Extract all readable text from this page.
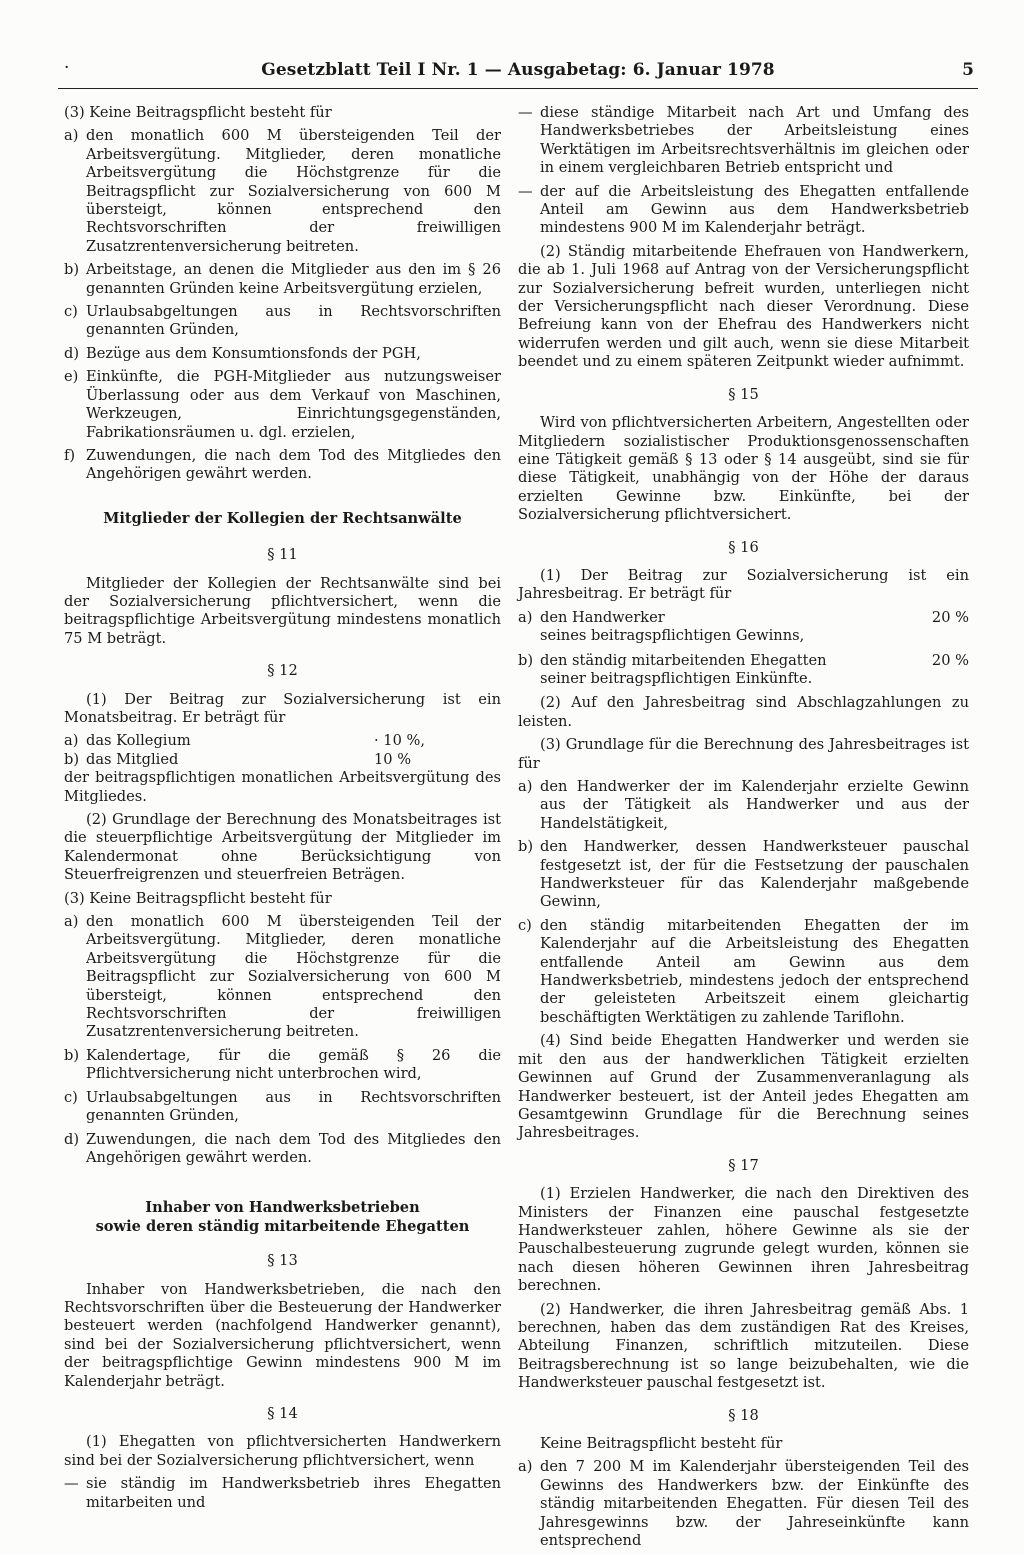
·	Gesetzblatt Teil I Nr. 1 — Ausgabetag: 6. Januar 1978	5
(3) Keine Beitragspflicht besteht für
a) den monatlich 600 M übersteigenden Teil der Arbeitsvergütung. Mitglieder, deren monatliche Arbeitsvergütung die Höchstgrenze für die Beitragspflicht zur Sozialversicherung von 600 M übersteigt, können entsprechend den Rechtsvorschriften der freiwilligen Zusatzrentenversicherung beitreten.
b) Arbeitstage, an denen die Mitglieder aus den im § 26 genannten Gründen keine Arbeitsvergütung erzielen,
c) Urlaubsabgeltungen aus in Rechtsvorschriften genannten Gründen,
d) Bezüge aus dem Konsumtionsfonds der PGH,
e) Einkünfte, die PGH-Mitglieder aus nutzungsweiser Überlassung oder aus dem Verkauf von Maschinen, Werkzeugen, Einrichtungsgegenständen, Fabrikationsräumen u. dgl. erzielen,
f) Zuwendungen, die nach dem Tod des Mitgliedes den Angehörigen gewährt werden.
Mitglieder der Kollegien der Rechtsanwälte
§ 11
Mitglieder der Kollegien der Rechtsanwälte sind bei der Sozialversicherung pflichtversichert, wenn die beitragspflichtige Arbeitsvergütung mindestens monatlich 75 M beträgt.
§ 12
(1) Der Beitrag zur Sozialversicherung ist ein Monatsbeitrag. Er beträgt für
a) das Kollegium	· 10 %,
b) das Mitglied	10 %
der beitragspflichtigen monatlichen Arbeitsvergütung des Mitgliedes.
(2) Grundlage der Berechnung des Monatsbeitrages ist die steuerpflichtige Arbeitsvergütung der Mitglieder im Kalendermonat ohne Berücksichtigung von Steuerfreigrenzen und steuerfreien Beträgen.
(3) Keine Beitragspflicht besteht für
a) den monatlich 600 M übersteigenden Teil der Arbeitsvergütung. Mitglieder, deren monatliche Arbeitsvergütung die Höchstgrenze für die Beitragspflicht zur Sozialversicherung von 600 M übersteigt, können entsprechend den Rechtsvorschriften der freiwilligen Zusatzrentenversicherung beitreten.
b) Kalendertage, für die gemäß § 26 die Pflichtversicherung nicht unterbrochen wird,
c) Urlaubsabgeltungen aus in Rechtsvorschriften genannten Gründen,
d) Zuwendungen, die nach dem Tod des Mitgliedes den Angehörigen gewährt werden.
Inhaber von Handwerksbetrieben
sowie deren ständig mitarbeitende Ehegatten
§ 13
Inhaber von Handwerksbetrieben, die nach den Rechtsvorschriften über die Besteuerung der Handwerker besteuert werden (nachfolgend Handwerker genannt), sind bei der Sozialversicherung pflichtversichert, wenn der beitragspflichtige Gewinn mindestens 900 M im Kalenderjahr beträgt.
§ 14
(1) Ehegatten von pflichtversicherten Handwerkern sind bei der Sozialversicherung pflichtversichert, wenn
— sie ständig im Handwerksbetrieb ihres Ehegatten mitarbeiten und
— diese ständige Mitarbeit nach Art und Umfang des Handwerksbetriebes der Arbeitsleistung eines Werktätigen im Arbeitsrechtsverhältnis im gleichen oder in einem vergleichbaren Betrieb entspricht und
— der auf die Arbeitsleistung des Ehegatten entfallende Anteil am Gewinn aus dem Handwerksbetrieb mindestens 900 M im Kalenderjahr beträgt.
(2) Ständig mitarbeitende Ehefrauen von Handwerkern, die ab 1. Juli 1968 auf Antrag von der Versicherungspflicht zur Sozialversicherung befreit wurden, unterliegen nicht der Versicherungspflicht nach dieser Verordnung. Diese Befreiung kann von der Ehefrau des Handwerkers nicht widerrufen werden und gilt auch, wenn sie diese Mitarbeit beendet und zu einem späteren Zeitpunkt wieder aufnimmt.
§ 15
Wird von pflichtversicherten Arbeitern, Angestellten oder Mitgliedern sozialistischer Produktionsgenossenschaften eine Tätigkeit gemäß § 13 oder § 14 ausgeübt, sind sie für diese Tätigkeit, unabhängig von der Höhe der daraus erzielten Gewinne bzw. Einkünfte, bei der Sozialversicherung pflichtversichert.
§ 16
(1) Der Beitrag zur Sozialversicherung ist ein Jahresbeitrag. Er beträgt für
a) den Handwerker	20 %
seines beitragspflichtigen Gewinns,
b) den ständig mitarbeitenden Ehegatten	20 %
seiner beitragspflichtigen Einkünfte.
(2) Auf den Jahresbeitrag sind Abschlagzahlungen zu leisten.
(3) Grundlage für die Berechnung des Jahresbeitrages ist für
a) den Handwerker der im Kalenderjahr erzielte Gewinn aus der Tätigkeit als Handwerker und aus der Handelstätigkeit,
b) den Handwerker, dessen Handwerksteuer pauschal festgesetzt ist, der für die Festsetzung der pauschalen Handwerksteuer für das Kalenderjahr maßgebende Gewinn,
c) den ständig mitarbeitenden Ehegatten der im Kalenderjahr auf die Arbeitsleistung des Ehegatten entfallende Anteil am Gewinn aus dem Handwerksbetrieb, mindestens jedoch der entsprechend der geleisteten Arbeitszeit einem gleichartig beschäftigten Werktätigen zu zahlende Tariflohn.
(4) Sind beide Ehegatten Handwerker und werden sie mit den aus der handwerklichen Tätigkeit erzielten Gewinnen auf Grund der Zusammenveranlagung als Handwerker besteuert, ist der Anteil jedes Ehegatten am Gesamtgewinn Grundlage für die Berechnung seines Jahresbeitrages.
§ 17
(1) Erzielen Handwerker, die nach den Direktiven des Ministers der Finanzen eine pauschal festgesetzte Handwerksteuer zahlen, höhere Gewinne als sie der Pauschalbesteuerung zugrunde gelegt wurden, können sie nach diesen höheren Gewinnen ihren Jahresbeitrag berechnen.
(2) Handwerker, die ihren Jahresbeitrag gemäß Abs. 1 berechnen, haben das dem zuständigen Rat des Kreises, Abteilung Finanzen, schriftlich mitzuteilen. Diese Beitragsberechnung ist so lange beizubehalten, wie die Handwerksteuer pauschal festgesetzt ist.
§ 18
Keine Beitragspflicht besteht für
a) den 7 200 M im Kalenderjahr übersteigenden Teil des Gewinns des Handwerkers bzw. der Einkünfte des ständig mitarbeitenden Ehegatten. Für diesen Teil des Jahresgewinns bzw. der Jahreseinkünfte kann entsprechend
